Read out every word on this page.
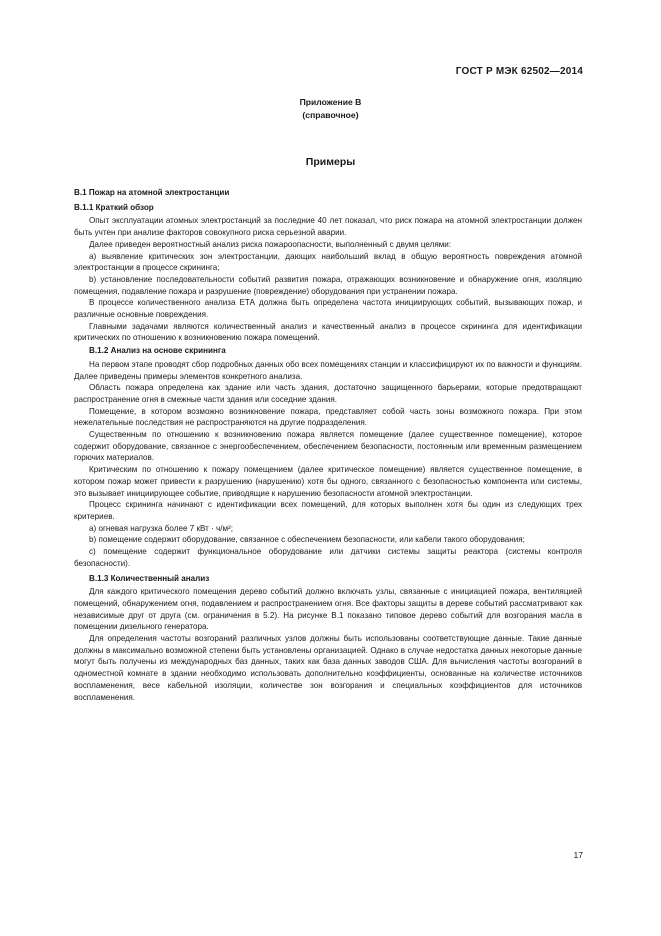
ГОСТ Р МЭК 62502—2014
Приложение В
(справочное)
Примеры

В.1 Пожар на атомной электростанции

В.1.1 Краткий обзор

Опыт эксплуатации атомных электростанций за последние 40 лет показал, что риск пожара на атомной электростанции должен быть учтен при анализе факторов совокупного риска серьезной аварии.

Далее приведен вероятностный анализ риска пожароопасности, выполненный с двумя целями:

а) выявление критических зон электростанции, дающих наибольший вклад в общую вероятность повреждения атомной электростанции в процессе скрининга;

b) установление последовательности событий развития пожара, отражающих возникновение и обнаружение огня, изоляцию помещения, подавление пожара и разрушение (повреждение) оборудования при устранении пожара.

В процессе количественного анализа ЕТА должна быть определена частота инициирующих событий, вызывающих пожар, и различные основные повреждения.

Главными задачами являются количественный анализ и качественный анализ в процессе скрининга для идентификации критических по отношению к возникновению пожара помещений.

В.1.2 Анализ на основе скрининга

На первом этапе проводят сбор подробных данных обо всех помещениях станции и классифицируют их по важности и функциям. Далее приведены примеры элементов конкретного анализа.

Область пожара определена как здание или часть здания, достаточно защищенного барьерами, которые предотвращают распространение огня в смежные части здания или соседние здания.

Помещение, в котором возможно возникновение пожара, представляет собой часть зоны возможного пожара. При этом нежелательные последствия не распространяются на другие подразделения.

Существенным по отношению к возникновению пожара является помещение (далее существенное помещение), которое содержит оборудование, связанное с энергообеспечением, обеспечением безопасности, постоянным или временным размещением горючих материалов.

Критическим по отношению к пожару помещением (далее критическое помещение) является существенное помещение, в котором пожар может привести к разрушению (нарушению) хотя бы одного, связанного с безопасностью компонента или системы, это вызывает инициирующее событие, приводящие к нарушению безопасности атомной электростанции.

Процесс скрининга начинают с идентификации всех помещений, для которых выполнен хотя бы один из следующих трех критериев.

а) огневая нагрузка более 7 кВт · ч/м²;

b) помещение содержит оборудование, связанное с обеспечением безопасности, или кабели такого оборудования;

с) помещение содержит функциональное оборудование или датчики системы защиты реактора (системы контроля безопасности).

В.1.3 Количественный анализ

Для каждого критического помещения дерево событий должно включать узлы, связанные с инициацией пожара, вентиляцией помещений, обнаружением огня, подавлением и распространением огня. Все факторы защиты в дереве событий рассматривают как независимые друг от друга (см. ограничения в 5.2). На рисунке В.1 показано типовое дерево событий для возгорания масла в помещении дизельного генератора.

Для определения частоты возгораний различных узлов должны быть использованы соответствующие данные. Такие данные должны в максимально возможной степени быть установлены организацией. Однако в случае недостатка данных некоторые данные могут быть получены из международных баз данных, таких как база данных заводов США. Для вычисления частоты возгораний в одноместной комнате в здании необходимо использовать дополнительно коэффициенты, основанные на количестве источников воспламенения, весе кабельной изоляции, количестве зон возгорания и специальных коэффициентов для источников воспламенения.

17
